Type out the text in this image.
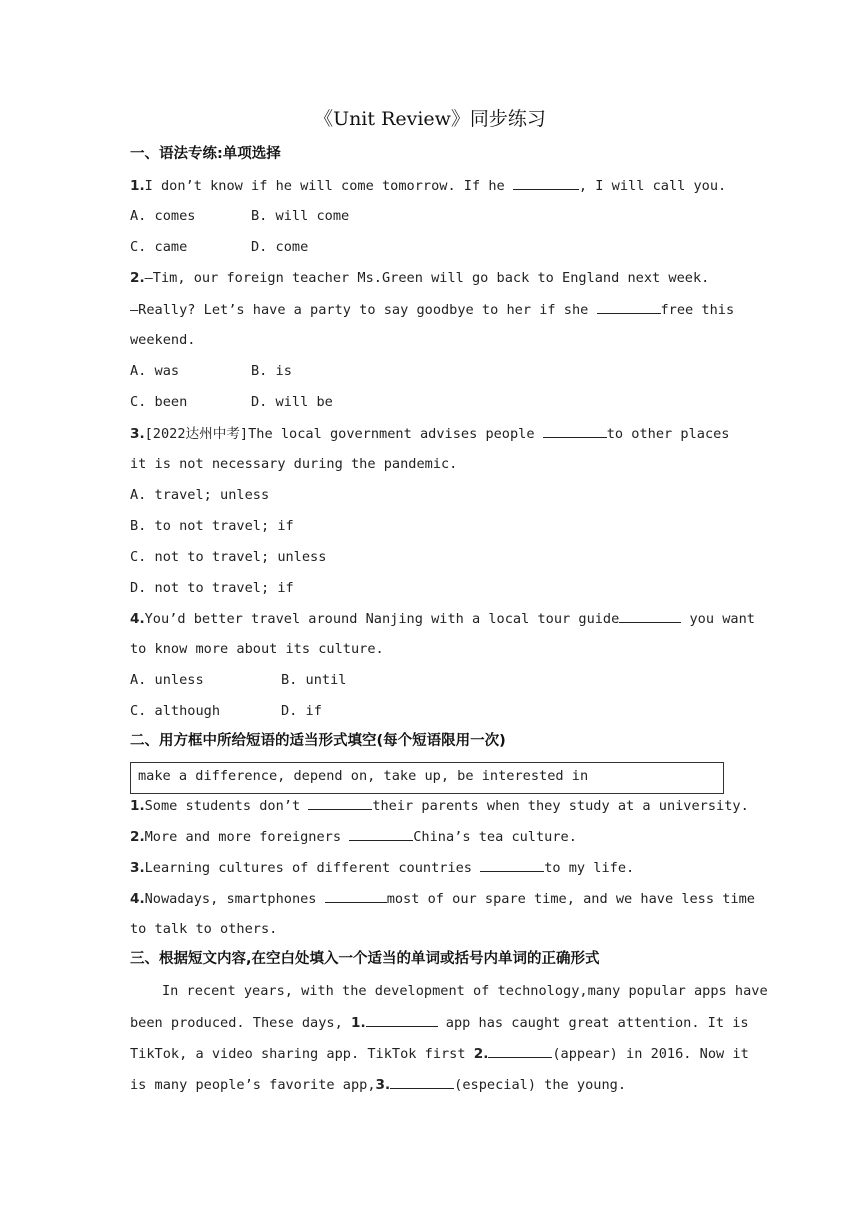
《Unit Review》同步练习
一、语法专练:单项选择
1.I don’t know if he will come tomorrow. If he	, I will call you.
A. comes	B. will come
C. came	D. come
2.—Tim, our foreign teacher Ms.Green will go back to England next week.
—Really? Let’s have a party to say goodbye to her if she	free this
weekend.
A. was	B. is
C. been	D. will be
3.[2022达州中考]The local government advises people	to other places
it is not necessary during the pandemic.
A. travel; unless
B. to not travel; if
C. not to travel; unless
D. not to travel; if
4.You’d better travel around Nanjing with a local tour guide	you want
to know more about its culture.
A. unless	B. until
C. although	D. if
二、用方框中所给短语的适当形式填空(每个短语限用一次)
make a difference, depend on, take up, be interested in
1.Some students don’t	their parents when they study at a university.
2.More and more foreigners	China’s tea culture.
3.Learning cultures of different countries	to my life.
4.Nowadays, smartphones	most of our spare time, and we have less time
to talk to others.
三、根据短文内容,在空白处填入一个适当的单词或括号内单词的正确形式
In recent years, with the development of technology,many popular apps have
been produced. These days, 1.	app has caught great attention. It is
TikTok, a video sharing app. TikTok first 2.	(appear) in 2016. Now it
is many people’s favorite app,3.	(especial) the young.
